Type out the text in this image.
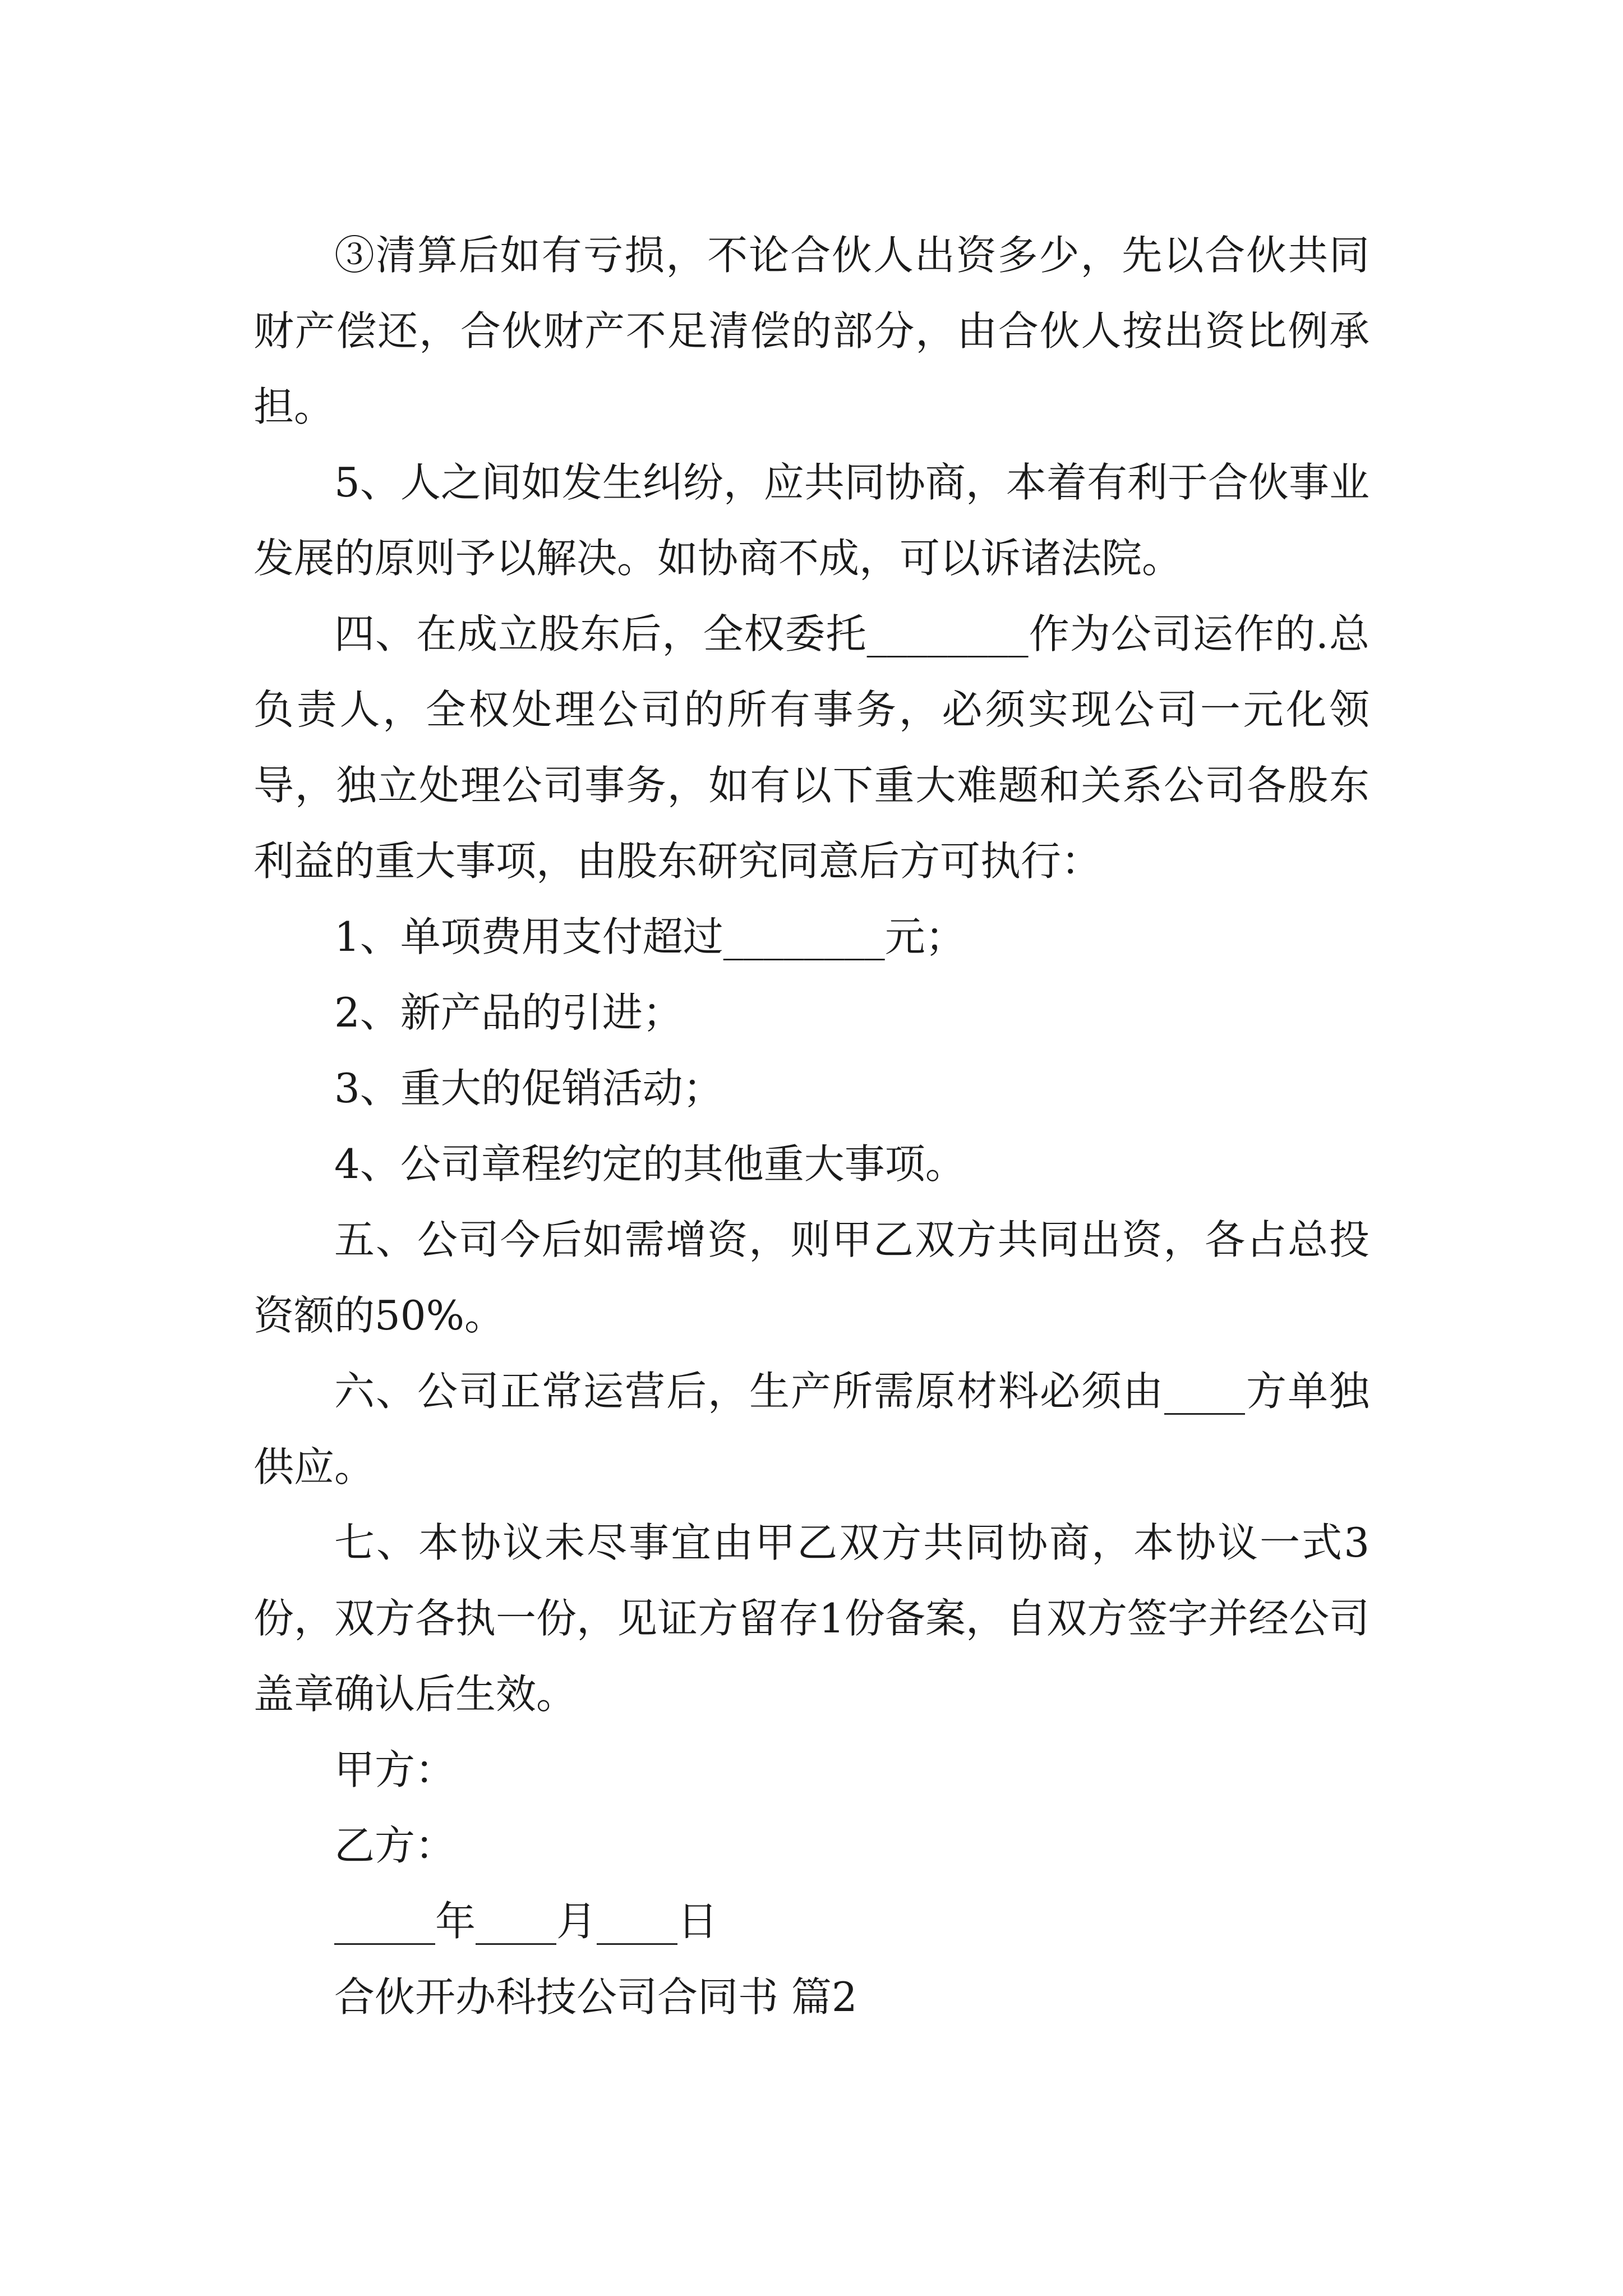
③清算后如有亏损，不论合伙人出资多少，先以合伙共同财产偿还，合伙财产不足清偿的部分，由合伙人按出资比例承担。

5、人之间如发生纠纷，应共同协商，本着有利于合伙事业发展的原则予以解决。如协商不成，可以诉诸法院。

四、在成立股东后，全权委托________作为公司运作的.总负责人，全权处理公司的所有事务，必须实现公司一元化领导，独立处理公司事务，如有以下重大难题和关系公司各股东利益的重大事项，由股东研究同意后方可执行：

1、单项费用支付超过________元；

2、新产品的引进；

3、重大的促销活动；

4、公司章程约定的其他重大事项。

五、公司今后如需增资，则甲乙双方共同出资，各占总投资额的50%。

六、公司正常运营后，生产所需原材料必须由____方单独供应。

七、本协议未尽事宜由甲乙双方共同协商，本协议一式3份，双方各执一份，见证方留存1份备案，自双方签字并经公司盖章确认后生效。

甲方：

乙方：

_____年____月____日

合伙开办科技公司合同书 篇2
